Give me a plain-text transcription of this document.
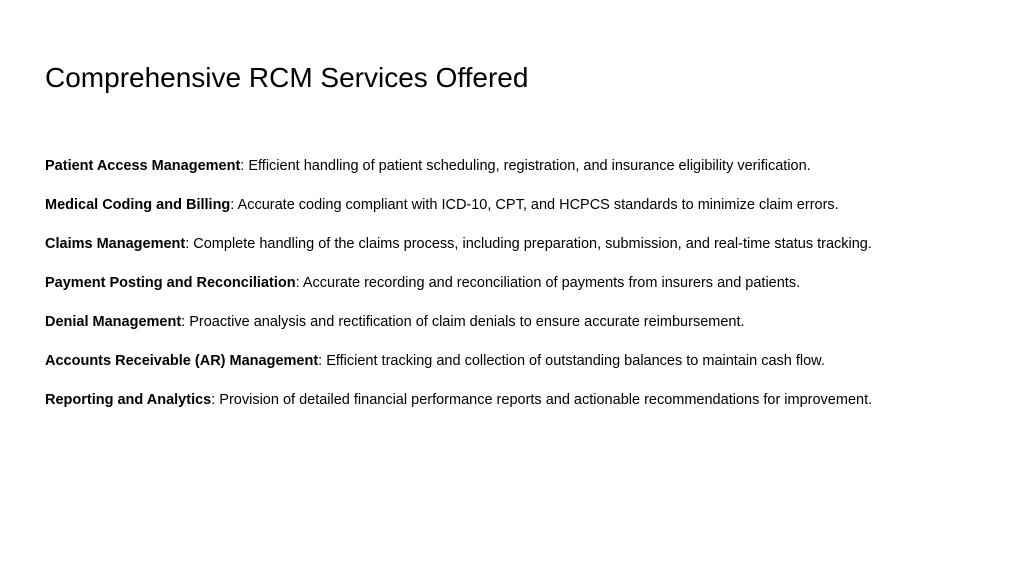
Comprehensive RCM Services Offered
Patient Access Management: Efficient handling of patient scheduling, registration, and insurance eligibility verification.
Medical Coding and Billing: Accurate coding compliant with ICD-10, CPT, and HCPCS standards to minimize claim errors.
Claims Management: Complete handling of the claims process, including preparation, submission, and real-time status tracking.
Payment Posting and Reconciliation: Accurate recording and reconciliation of payments from insurers and patients.
Denial Management: Proactive analysis and rectification of claim denials to ensure accurate reimbursement.
Accounts Receivable (AR) Management: Efficient tracking and collection of outstanding balances to maintain cash flow.
Reporting and Analytics: Provision of detailed financial performance reports and actionable recommendations for improvement.
